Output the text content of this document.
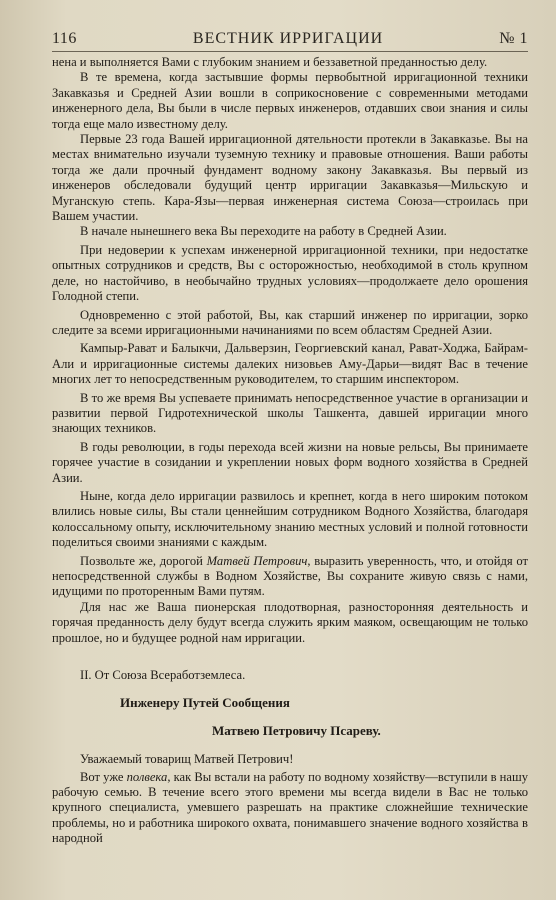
116	ВЕСТНИК ИРРИГАЦИИ	№ 1

нена и выполняется Вами с глубоким знанием и беззаветной преданностью делу.

В те времена, когда застывшие формы первобытной ирригационной техники Закавказья и Средней Азии вошли в соприкосновение с современными методами инженерного дела, Вы были в числе первых инженеров, отдавших свои знания и силы тогда еще мало известному делу.

Первые 23 года Вашей ирригационной дятельности протекли в Закавказье. Вы на местах внимательно изучали туземную технику и правовые отношения. Ваши работы тогда же дали прочный фундамент водному закону Закавказья. Вы первый из инженеров обследовали будущий центр ирригации Закавказья—Мильскую и Муганскую степь. Кара-Язы—первая инженерная система Союза—строилась при Вашем участии.

В начале нынешнего века Вы переходите на работу в Средней Азии.

При недоверии к успехам инженерной ирригационной техники, при недостатке опытных сотрудников и средств, Вы с осторожностью, необходимой в столь крупном деле, но настойчиво, в необычайно трудных условиях—продолжаете дело орошения Голодной степи.

Одновременно с этой работой, Вы, как старший инженер по ирригации, зорко следите за всеми ирригационными начинаниями по всем областям Средней Азии.

Кампыр-Рават и Балыкчи, Дальверзин, Георгиевский канал, Рават-Ходжа, Байрам-Али и ирригационные системы далеких низовьев Аму-Дарьи—видят Вас в течение многих лет то непосредственным руководителем, то старшим инспектором.

В то же время Вы успеваете принимать непосредственное участие в организации и развитии первой Гидротехнической школы Ташкента, давшей ирригации много знающих техников.

В годы революции, в годы перехода всей жизни на новые рельсы, Вы принимаете горячее участие в созидании и укреплении новых форм водного хозяйства в Средней Азии.

Ныне, когда дело ирригации развилось и крепнет, когда в него широким потоком влились новые силы, Вы стали ценнейшим сотрудником Водного Хозяйства, благодаря колоссальному опыту, исключительному знанию местных условий и полной готовности поделиться своими знаниями с каждым.

Позвольте же, дорогой Матвей Петрович, выразить уверенность, что, и отойдя от непосредственной службы в Водном Хозяйстве, Вы сохраните живую связь с нами, идущими по проторенным Вами путям.

Для нас же Ваша пионерская плодотворная, разносторонняя деятельность и горячая преданность делу будут всегда служить ярким маяком, освещающим не только прошлое, но и будущее родной нам ирригации.

II. От Союза Всеработземлеса.
Инженеру Путей Сообщения
Матвею Петровичу Псареву.
Уважаемый товарищ Матвей Петрович!

Вот уже полвека, как Вы встали на работу по водному хозяйству—вступили в нашу рабочую семью. В течение всего этого времени мы всегда видели в Вас не только крупного специалиста, умевшего разрешать на практике сложнейшие технические проблемы, но и работника широкого охвата, понимавшего значение водного хозяйства в народной
